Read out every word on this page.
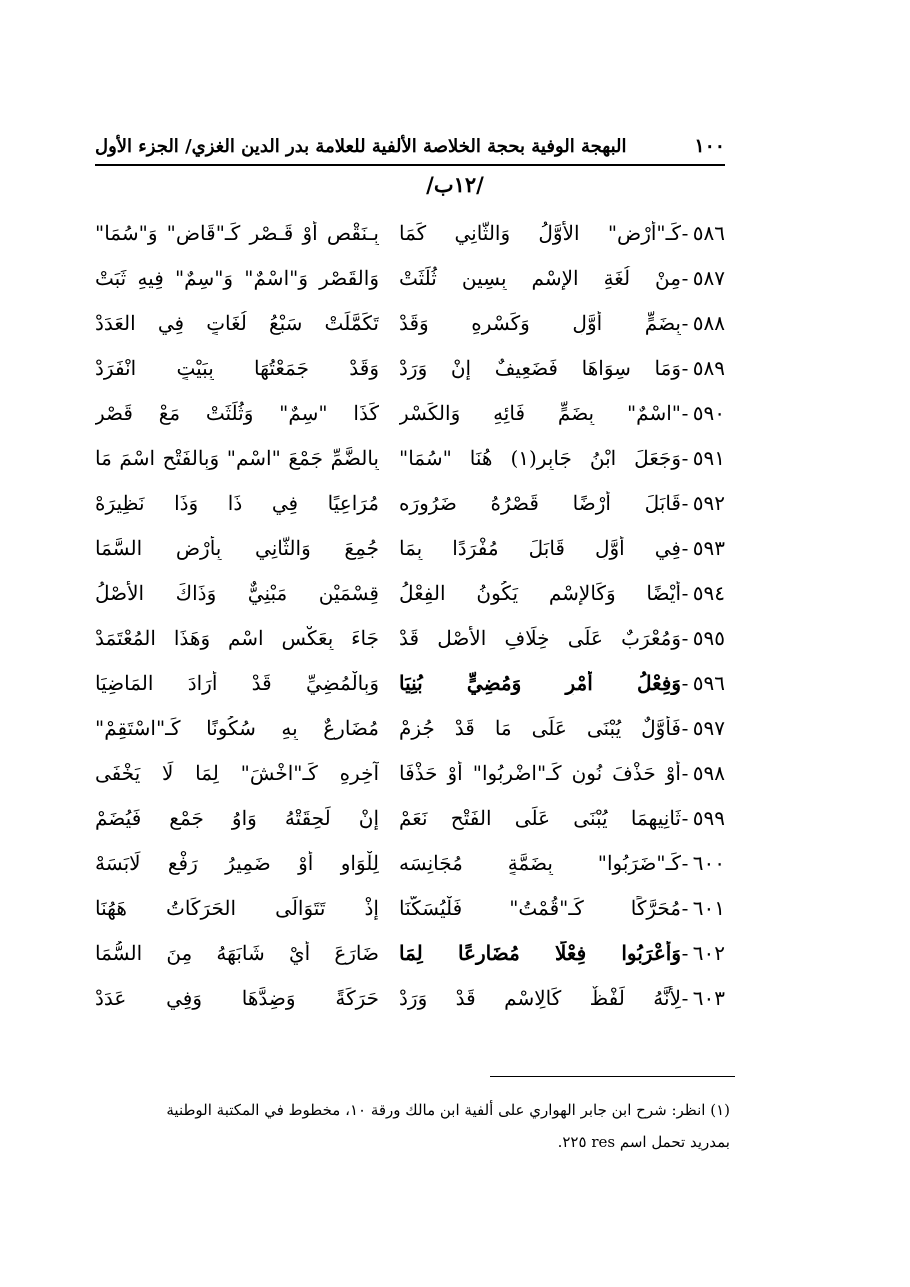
١٠٠
البهجة الوفية بحجة الخلاصة الألفية للعلامة بدر الدين الغزي/ الجزء الأول
/١٢ب/
٥٨٦
-
كَـ"أَرْضٍ" الأَوَّلُ وَالثَّانِي كَمَا
بِـنَقْصٍ أَوْ قَـصْرٍ كَـ"قَاضٍ" وَ"سُمَا"
٥٨٧
-
مِنْ لُغَةِ الإِسْمِ بِسِينٍ ثُلِّثَتْ
وَالقَصْرِ وَ"اسْمٌ" وَ"سِمٌ" فِيهِ ثَبَتْ
٥٨٨
-
بِضَمٍّ أَوَّلٍ وَكَسْرِهِ وَقَدْ
تَكَمَّلَتْ سَبْعُ لُغَاتٍ فِي العَدَدْ
٥٨٩
-
وَمَا سِوَاهَا فَضَعِيفٌ إِنْ وَرَدْ
وَقَدْ جَمَعْتُهَا بِبَيْتٍ انْفَرَدْ
٥٩٠
-
"اسْمٌ" بِضَمٍّ فَائِهِ وَالكَسْرِ
كَذَا "سِمٌ" وَثُلِّثَتْ مَعْ قَصْرِ
٥٩١
-
وَجَعَلَ ابْنُ جَابِرٍ(١) هُنَا "سُمَا"
بِالضَّمِّ جَمْعَ "اسْمٍ" وَبِالفَتْحِ اسْمَ مَا
٥٩٢
-
قَابَلَ أَرْضًا قَصْرُهُ ضَرُورَه
مُرَاعِيًا فِي ذَا وَذَا نَظِيرَهْ
٥٩٣
-
فِي أَوَّلٍ قَابَلَ مُفْرَدًا بِمَا
جُمِعَ وَالثَّانِي بِأَرْضِ السَّمَا
٥٩٤
-
أَيْضًا وَكَالإِسْمِ يَكُونُ الفِعْلُ
قِسْمَيْنِ مَبْنِيٌّ وَذَاكَ الأَصْلُ
٥٩٥
-
وَمُعْرَبٌ عَلَى خِلَافِ الأَصْلِ قَدْ
جَاءَ بِعَكْسِ اسْمٍ وَهَذَا المُعْتَمَدْ
٥٩٦
-
وَفِعْلُ أَمْرٍ وَمُضِيٍّ بُنِيَا
وَبِالْمُضِيِّ قَدْ أَرَادَ المَاضِيَا
٥٩٧
-
فَأَوَّلٌ يُبْنَى عَلَى مَا قَدْ جُزِمْ
مُضَارِعٌ بِهِ سُكُونًا كَـ"اسْتَقِمْ"
٥٩٨
-
أَوْ حَذْفَ نُونٍ كَـ"اضْرِبُوا" أَوْ حَذْفَا
آخِرِهِ كَـ"اخْشَ" لِمَا لَا يَخْفَى
٥٩٩
-
ثَانِيهِمَا يُبْنَى عَلَى الفَتْحِ نَعَمْ
إِنْ لَحِقَتْهُ وَاوُ جَمْعٍ فَيُضَمْ
٦٠٠
-
كَـ"ضَرَبُوا" بِضَمَّةٍ مُجَانِسَه
لِلْوَاوِ أَوْ ضَمِيرُ رَفْعٍ لَابَسَهْ
٦٠١
-
مُحَرَّكًا كَـ"قُمْتُ" فَلْيُسَكَّنَا
إِذْ تَتَوَالَى الحَرَكَاتُ هَهُنَا
٦٠٢
-
وَأَعْرَبُوا فِعْلًا مُضَارِعًا لِمَا
ضَارَعَ أَيْ شَابَهَهُ مِنَ السُّمَا
٦٠٣
-
لِأَنَّهُ لَفْظٌ كَالِاسْمِ قَدْ وَرَدْ
حَرَكَةً وَضِدَّهَا وَفِي عَدَدْ
(١) انظر: شرح ابن جابر الهواري على ألفية ابن مالك ورقة ١٠، مخطوط في المكتبة الوطنية
بمدريد تحمل اسم res ٢٢٥.
